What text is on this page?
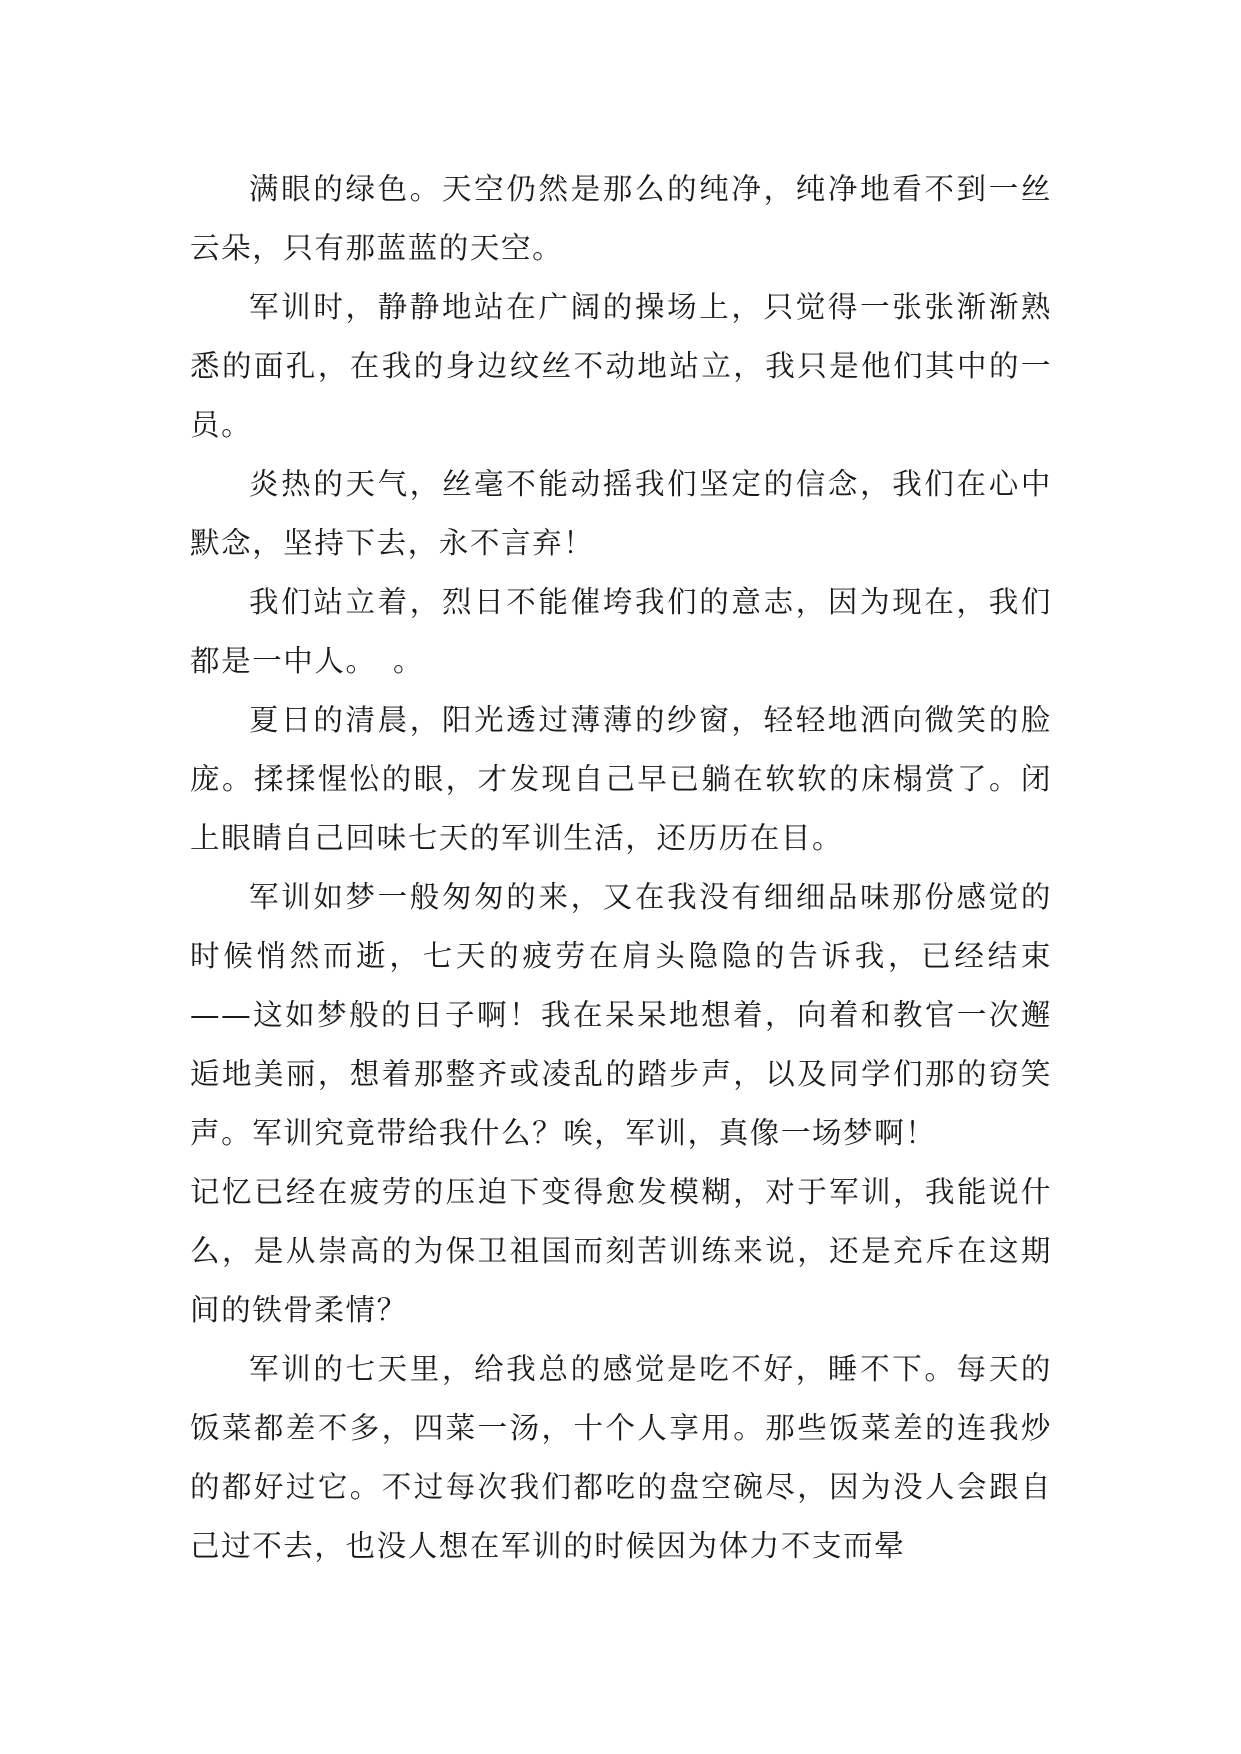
满眼的绿色。天空仍然是那么的纯净，纯净地看不到一丝云朵，只有那蓝蓝的天空。

军训时，静静地站在广阔的操场上，只觉得一张张渐渐熟悉的面孔，在我的身边纹丝不动地站立，我只是他们其中的一员。

炎热的天气，丝毫不能动摇我们坚定的信念，我们在心中默念，坚持下去，永不言弃！

我们站立着，烈日不能催垮我们的意志，因为现在，我们都是一中人。　。

夏日的清晨，阳光透过薄薄的纱窗，轻轻地洒向微笑的脸庞。揉揉惺忪的眼，才发现自己早已躺在软软的床榻赏了。闭上眼睛自己回味七天的军训生活，还历历在目。

军训如梦一般匆匆的来，又在我没有细细品味那份感觉的时候悄然而逝，七天的疲劳在肩头隐隐的告诉我，已经结束——这如梦般的日子啊！我在呆呆地想着，向着和教官一次邂逅地美丽，想着那整齐或凌乱的踏步声，以及同学们那的窃笑声。军训究竟带给我什么？唉，军训，真像一场梦啊！

记忆已经在疲劳的压迫下变得愈发模糊，对于军训，我能说什么，是从崇高的为保卫祖国而刻苦训练来说，还是充斥在这期间的铁骨柔情？

军训的七天里，给我总的感觉是吃不好，睡不下。每天的饭菜都差不多，四菜一汤，十个人享用。那些饭菜差的连我炒的都好过它。不过每次我们都吃的盘空碗尽，因为没人会跟自己过不去，也没人想在军训的时候因为体力不支而晕
